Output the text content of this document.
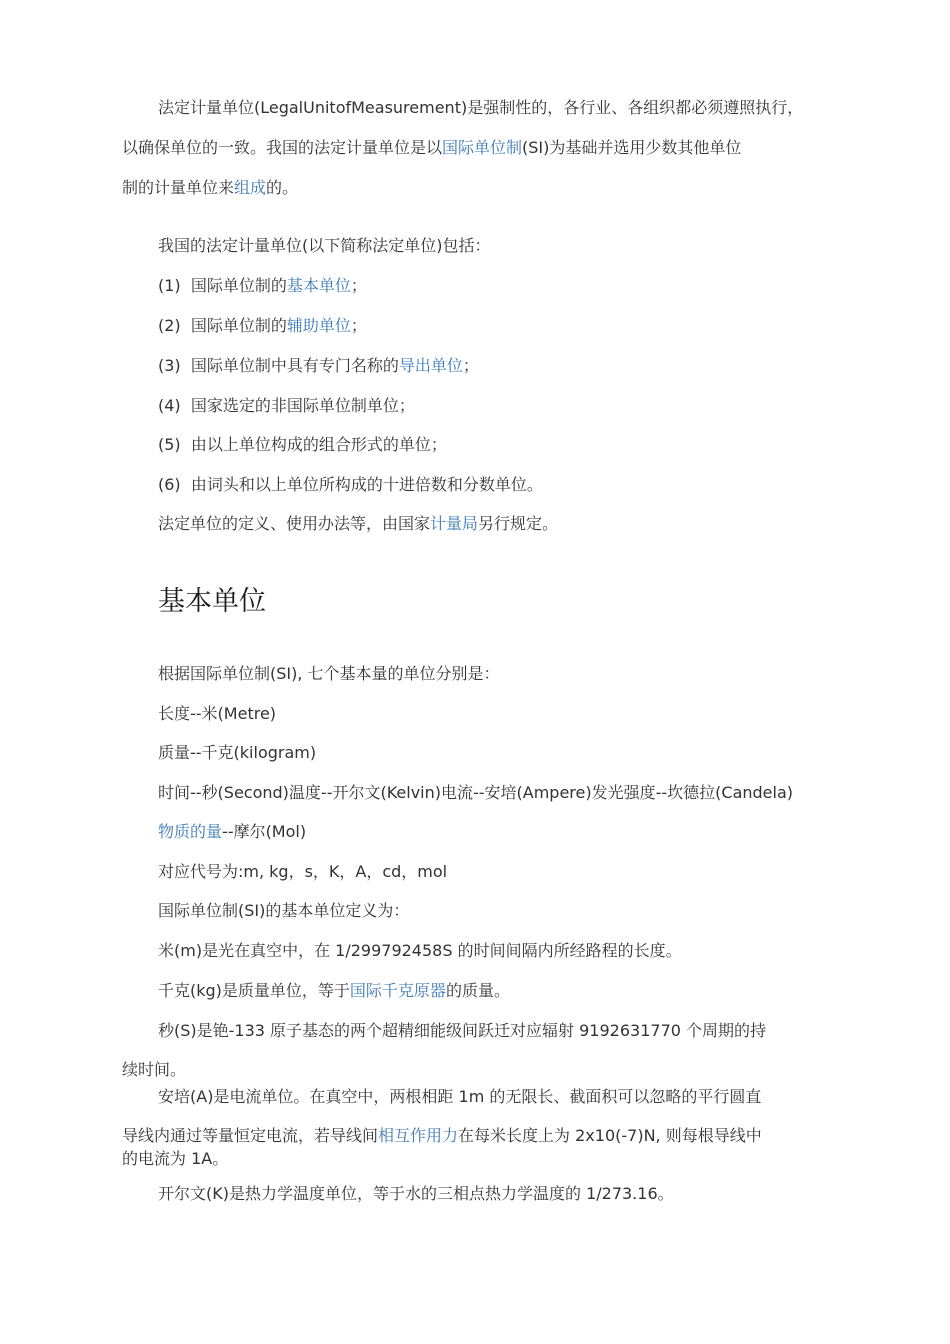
法定计量单位(LegalUnitofMeasurement)是强制性的，各行业、各组织都必须遵照执行，
以确保单位的一致。我国的法定计量单位是以国际单位制(SI)为基础并选用少数其他单位
制的计量单位来组成的。
我国的法定计量单位(以下简称法定单位)包括：
(1) 国际单位制的基本单位；
(2) 国际单位制的辅助单位；
(3) 国际单位制中具有专门名称的导出单位；
(4) 国家选定的非国际单位制单位；
(5) 由以上单位构成的组合形式的单位；
(6) 由词头和以上单位所构成的十进倍数和分数单位。
法定单位的定义、使用办法等，由国家计量局另行规定。
基本单位
根据国际单位制(SI), 七个基本量的单位分别是：
长度--米(Metre)
质量--千克(kilogram)
时间--秒(Second)温度--开尔文(Kelvin)电流--安培(Ampere)发光强度--坎德拉(Candela)
物质的量--摩尔(Mol)
对应代号为:m, kg，s，K，A，cd，mol
国际单位制(SI)的基本单位定义为：
米(m)是光在真空中，在 1/299792458S 的时间间隔内所经路程的长度。
千克(kg)是质量单位，等于国际千克原器的质量。
秒(S)是铯-133 原子基态的两个超精细能级间跃迁对应辐射 9192631770 个周期的持
续时间。
安培(A)是电流单位。在真空中，两根相距 1m 的无限长、截面积可以忽略的平行圆直
导线内通过等量恒定电流，若导线间相互作用力在每米长度上为 2x10(-7)N, 则每根导线中
的电流为 1A。
开尔文(K)是热力学温度单位，等于水的三相点热力学温度的 1/273.16。
